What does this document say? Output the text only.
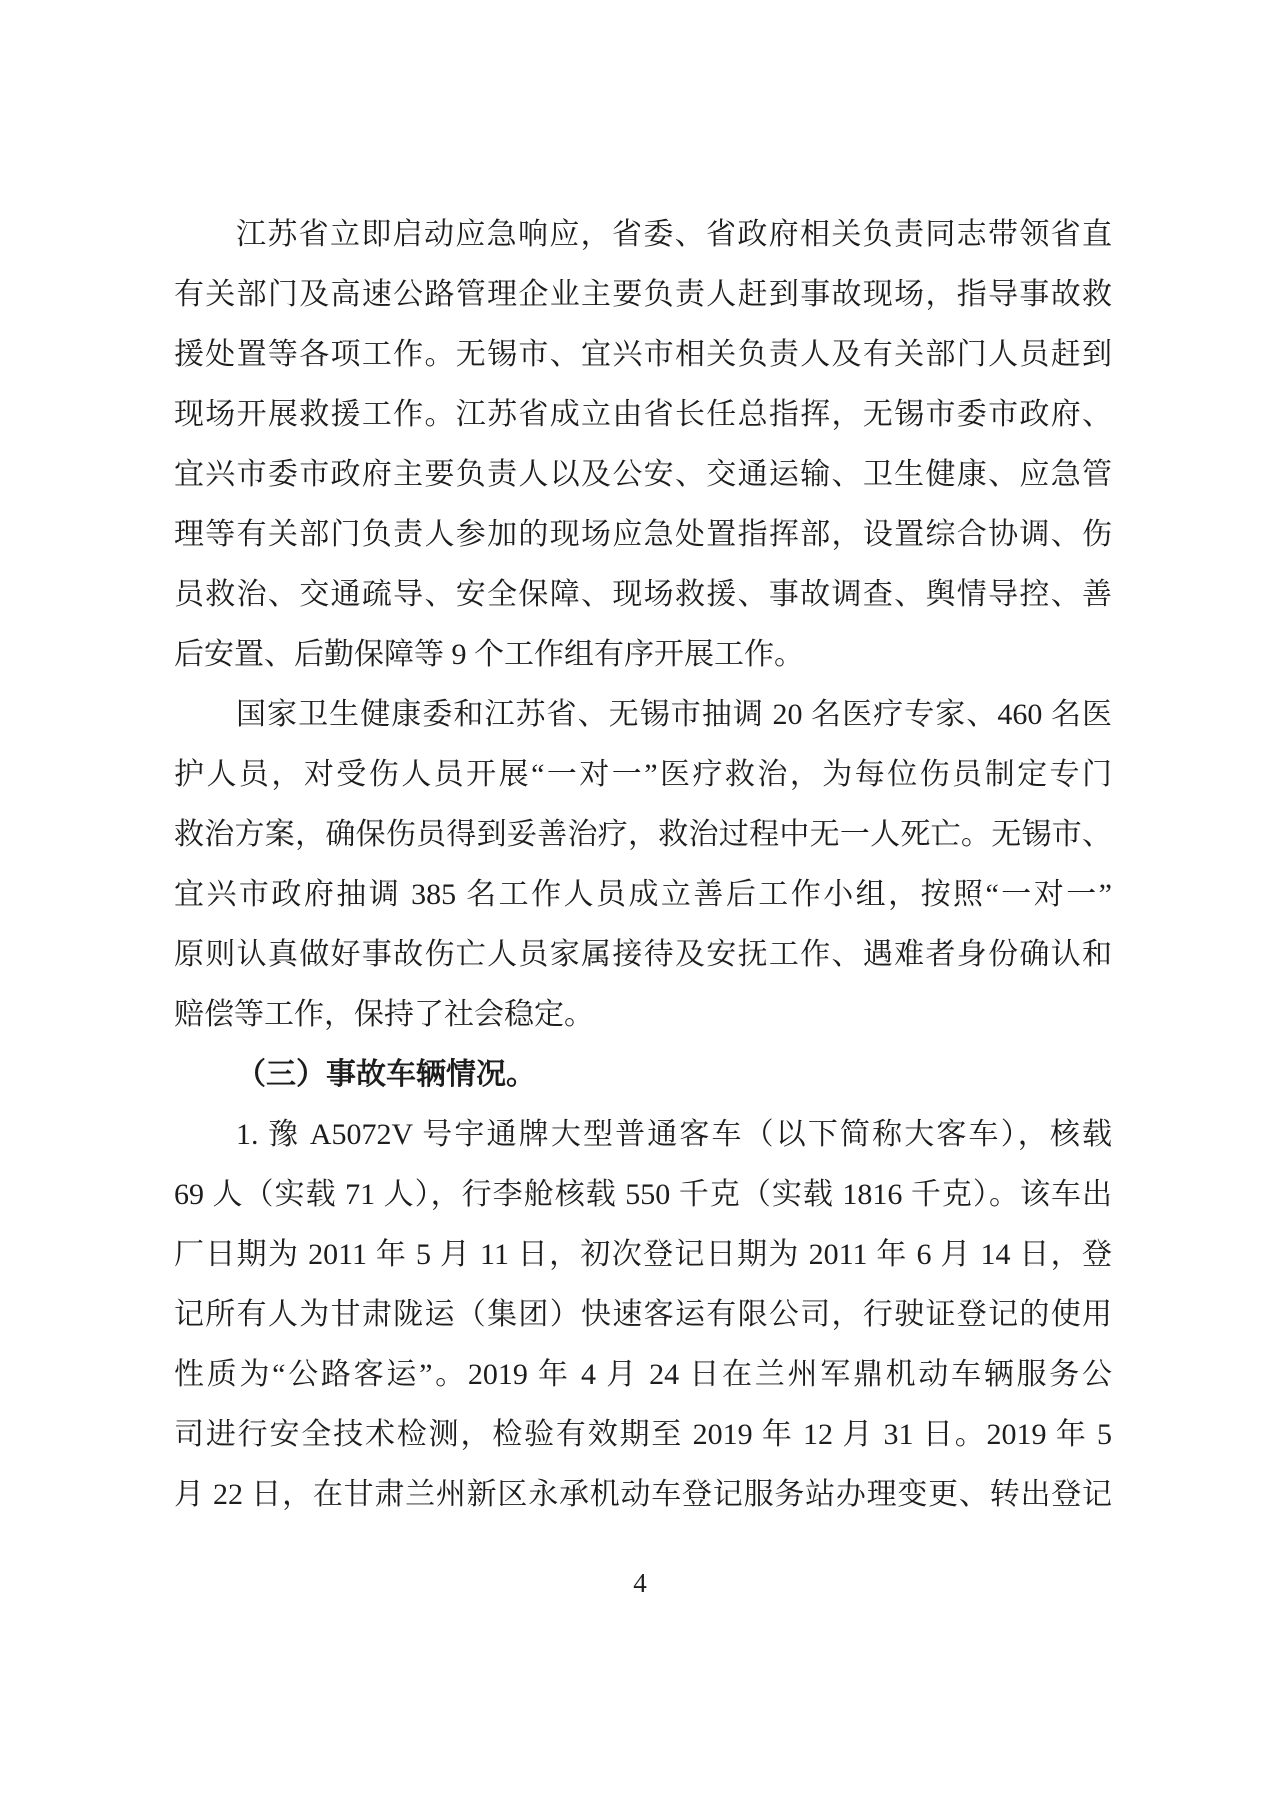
江苏省立即启动应急响应，省委、省政府相关负责同志带领省直
有关部门及高速公路管理企业主要负责人赶到事故现场，指导事故救
援处置等各项工作。无锡市、宜兴市相关负责人及有关部门人员赶到
现场开展救援工作。江苏省成立由省长任总指挥，无锡市委市政府、
宜兴市委市政府主要负责人以及公安、交通运输、卫生健康、应急管
理等有关部门负责人参加的现场应急处置指挥部，设置综合协调、伤
员救治、交通疏导、安全保障、现场救援、事故调查、舆情导控、善
后安置、后勤保障等 9 个工作组有序开展工作。
国家卫生健康委和江苏省、无锡市抽调 20 名医疗专家、460 名医
护人员，对受伤人员开展“一对一”医疗救治，为每位伤员制定专门
救治方案，确保伤员得到妥善治疗，救治过程中无一人死亡。无锡市、
宜兴市政府抽调 385 名工作人员成立善后工作小组，按照“一对一”
原则认真做好事故伤亡人员家属接待及安抚工作、遇难者身份确认和
赔偿等工作，保持了社会稳定。
（三）事故车辆情况。
1. 豫 A5072V 号宇通牌大型普通客车（以下简称大客车），核载
69 人（实载 71 人），行李舱核载 550 千克（实载 1816 千克）。该车出
厂日期为 2011 年 5 月 11 日，初次登记日期为 2011 年 6 月 14 日，登
记所有人为甘肃陇运（集团）快速客运有限公司，行驶证登记的使用
性质为“公路客运”。2019 年 4 月 24 日在兰州军鼎机动车辆服务公
司进行安全技术检测，检验有效期至 2019 年 12 月 31 日。2019 年 5
月 22 日，在甘肃兰州新区永承机动车登记服务站办理变更、转出登记
4
